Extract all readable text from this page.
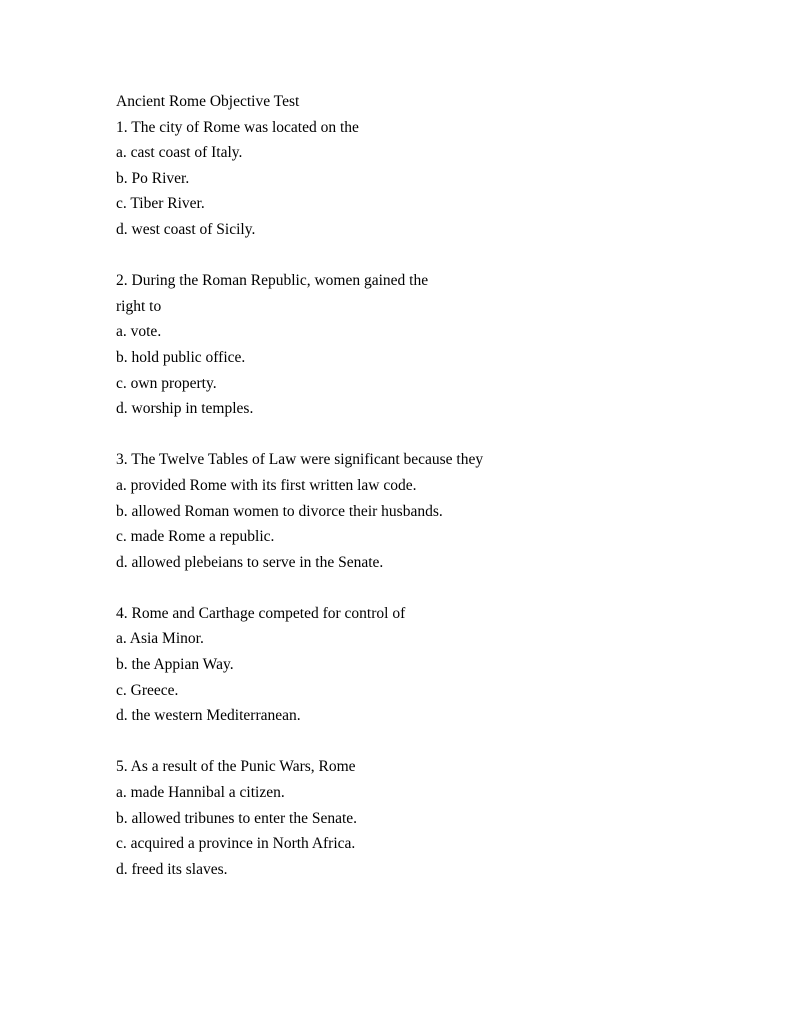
Ancient Rome Objective Test
1. The city of Rome was located on the
a. cast coast of Italy.
b. Po River.
c. Tiber River.
d. west coast of Sicily.
2. During the Roman Republic, women gained the
right to
a. vote.
b. hold public office.
c. own property.
d. worship in temples.
3. The Twelve Tables of Law were significant because they
a. provided Rome with its first written law code.
b. allowed Roman women to divorce their husbands.
c. made Rome a republic.
d. allowed plebeians to serve in the Senate.
4. Rome and Carthage competed for control of
a. Asia Minor.
b. the Appian Way.
c. Greece.
d. the western Mediterranean.
5. As a result of the Punic Wars, Rome
a. made Hannibal a citizen.
b. allowed tribunes to enter the Senate.
c. acquired a province in North Africa.
d. freed its slaves.
